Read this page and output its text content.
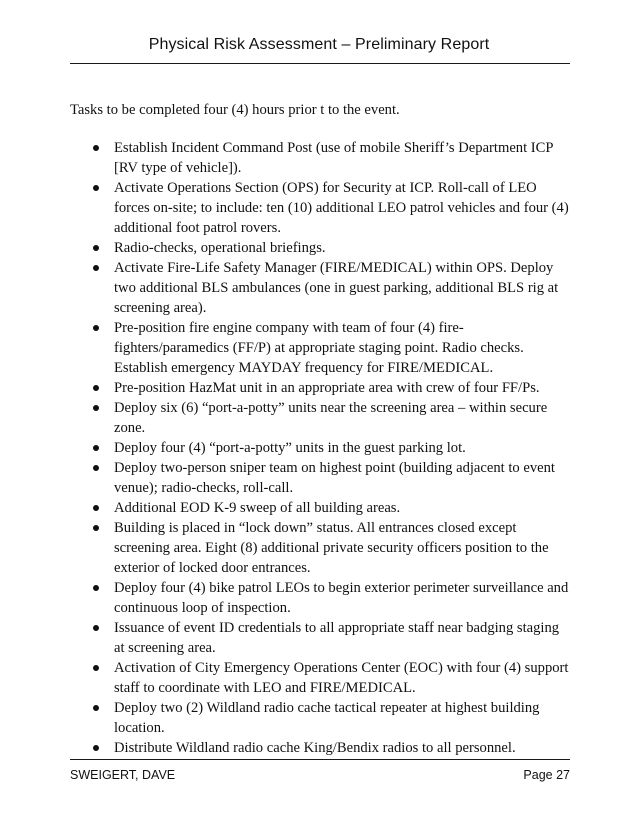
Physical Risk Assessment – Preliminary Report
Tasks to be completed four (4) hours prior t to the event.
Establish Incident Command Post (use of mobile Sheriff’s Department ICP [RV type of vehicle]).
Activate Operations Section (OPS) for Security at ICP. Roll-call of LEO forces on-site; to include: ten (10) additional LEO patrol vehicles and four (4) additional foot patrol rovers.
Radio-checks, operational briefings.
Activate Fire-Life Safety Manager (FIRE/MEDICAL) within OPS. Deploy two additional BLS ambulances (one in guest parking, additional BLS rig at screening area).
Pre-position fire engine company with team of four (4) fire-fighters/paramedics (FF/P) at appropriate staging point. Radio checks. Establish emergency MAYDAY frequency for FIRE/MEDICAL.
Pre-position HazMat unit in an appropriate area with crew of four FF/Ps.
Deploy six (6) “port-a-potty” units near the screening area – within secure zone.
Deploy four (4) “port-a-potty” units in the guest parking lot.
Deploy two-person sniper team on highest point (building adjacent to event venue); radio-checks, roll-call.
Additional EOD K-9 sweep of all building areas.
Building is placed in “lock down” status. All entrances closed except screening area. Eight (8) additional private security officers position to the exterior of locked door entrances.
Deploy four (4) bike patrol LEOs to begin exterior perimeter surveillance and continuous loop of inspection.
Issuance of event ID credentials to all appropriate staff near badging staging at screening area.
Activation of City Emergency Operations Center (EOC) with four (4) support staff to coordinate with LEO and FIRE/MEDICAL.
Deploy two (2) Wildland radio cache tactical repeater at highest building location.
Distribute Wildland radio cache King/Bendix radios to all personnel.
SWEIGERT, DAVE	Page 27
